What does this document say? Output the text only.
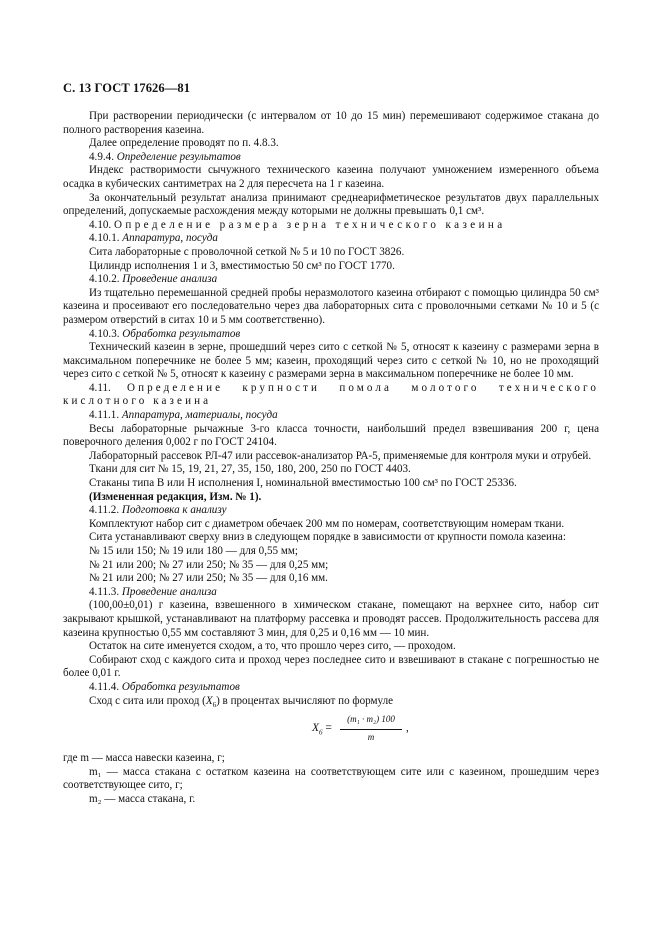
С. 13 ГОСТ 17626—81

При растворении периодически (с интервалом от 10 до 15 мин) перемешивают содержимое стакана до полного растворения казеина.

Далее определение проводят по п. 4.8.3.

4.9.4. Определение результатов

Индекс растворимости сычужного технического казеина получают умножением измеренного объема осадка в кубических сантиметрах на 2 для пересчета на 1 г казеина.

За окончательный результат анализа принимают среднеарифметическое результатов двух параллельных определений, допускаемые расхождения между которыми не должны превышать 0,1 см³.

4.10. Определение размера зерна технического казеина

4.10.1. Аппаратура, посуда

Сита лабораторные с проволочной сеткой № 5 и 10 по ГОСТ 3826.

Цилиндр исполнения 1 и 3, вместимостью 50 см³ по ГОСТ 1770.

4.10.2. Проведение анализа

Из тщательно перемешанной средней пробы неразмолотого казеина отбирают с помощью цилиндра 50 см³ казеина и просеивают его последовательно через два лабораторных сита с проволочными сетками № 10 и 5 (с размером отверстий в ситах 10 и 5 мм соответственно).

4.10.3. Обработка результатов

Технический казеин в зерне, прошедший через сито с сеткой № 5, относят к казеину с размерами зерна в максимальном поперечнике не более 5 мм; казеин, проходящий через сито с сеткой № 10, но не проходящий через сито с сеткой № 5, относят к казеину с размерами зерна в максимальном поперечнике не более 10 мм.

4.11. Определение крупности помола молотого технического кислотного казеина

4.11.1. Аппаратура, материалы, посуда

Весы лабораторные рычажные 3-го класса точности, наибольший предел взвешивания 200 г, цена поверочного деления 0,002 г по ГОСТ 24104.

Лабораторный рассевок РЛ-47 или рассевок-анализатор РА-5, применяемые для контроля муки и отрубей.

Ткани для сит № 15, 19, 21, 27, 35, 150, 180, 200, 250 по ГОСТ 4403.

Стаканы типа В или Н исполнения I, номинальной вместимостью 100 см³ по ГОСТ 25336.

(Измененная редакция, Изм. № 1).

4.11.2. Подготовка к анализу

Комплектуют набор сит с диаметром обечаек 200 мм по номерам, соответствующим номерам ткани.

Сита устанавливают сверху вниз в следующем порядке в зависимости от крупности помола казеина:

№ 15 или 150; № 19 или 180 — для 0,55 мм;

№ 21 или 200; № 27 или 250; № 35 — для 0,25 мм;

№ 21 или 200; № 27 или 250; № 35 — для 0,16 мм.

4.11.3. Проведение анализа

(100,00±0,01) г казеина, взвешенного в химическом стакане, помещают на верхнее сито, набор сит закрывают крышкой, устанавливают на платформу рассевка и проводят рассев. Продолжительность рассева для казеина крупностью 0,55 мм составляют 3 мин, для 0,25 и 0,16 мм — 10 мин.

Остаток на сите именуется сходом, а то, что прошло через сито, — проходом.

Собирают сход с каждого сита и проход через последнее сито и взвешивают в стакане с погрешностью не более 0,01 г.

4.11.4. Обработка результатов

Сход с сита или проход $(X_6)$ в процентах вычисляют по формуле

$X_6$ =
(m₁ · m₂) 100
m
,

где m — масса навески казеина, г;

m₁ — масса стакана с остатком казеина на соответствующем сите или с казеином, прошедшим через соответствующее сито, г;

m₂ — масса стакана, г.
